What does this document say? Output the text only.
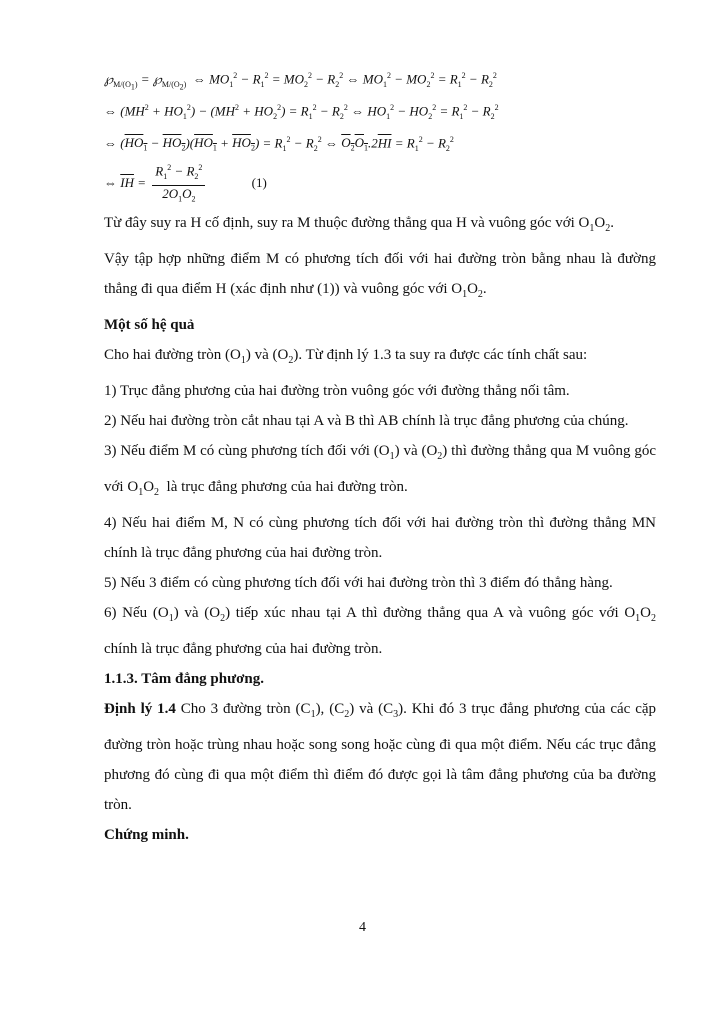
$℘_{M/(O_1)}$ = $℘_{M/(O_2)}$  ⇔ $MO_1^2 - R_1^2 = MO_2^2 - R_2^2$ ⇔ $MO_1^2 - MO_2^2 = R_1^2 - R_2^2$
⇔ $(MH^2 + HO_1^2) - (MH^2 + HO_2^2) = R_1^2 - R_2^2$ ⇔ $HO_1^2 - HO_2^2 = R_1^2 - R_2^2$
⇔ $(HO_1 - HO_2)(HO_1 + HO_2) = R_1^2 - R_2^2$ ⇔ $O_2O_1.2\overline{HI} = R_1^2 - R_2^2$
⇔ $\overline{IH} = \frac{R_1^2 - R_2^2}{2O_1O_2}$	(1)
Từ đây suy ra H cố định, suy ra M thuộc đường thẳng qua H và vuông góc với $O_1O_2$.
Vậy tập hợp những điểm M có phương tích đối với hai đường tròn bằng nhau là đường thẳng đi qua điểm H (xác định như (1)) và vuông góc với $O_1O_2$.
Một số hệ quả
Cho hai đường tròn $(O_1)$ và $(O_2)$. Từ định lý 1.3 ta suy ra được các tính chất sau:
1) Trục đẳng phương của hai đường tròn vuông góc với đường thẳng nối tâm.
2) Nếu hai đường tròn cắt nhau tại A và B thì AB chính là trục đẳng phương của chúng.
3) Nếu điểm M có cùng phương tích đối với $(O_1)$ và $(O_2)$ thì đường thẳng qua M vuông góc với $O_1O_2$  là trục đẳng phương của hai đường tròn.
4) Nếu hai điểm M, N có cùng phương tích đối với hai đường tròn thì đường thẳng MN chính là trục đẳng phương của hai đường tròn.
5) Nếu 3 điểm có cùng phương tích đối với hai đường tròn thì 3 điểm đó thẳng hàng.
6) Nếu $(O_1)$ và $(O_2)$ tiếp xúc nhau tại A thì đường thẳng qua A và vuông góc với $O_1O_2$ chính là trục đẳng phương của hai đường tròn.
1.1.3. Tâm đẳng phương.
Định lý 1.4 Cho 3 đường tròn $(C_1)$, $(C_2)$ và $(C_3)$. Khi đó 3 trục đẳng phương của các cặp đường tròn hoặc trùng nhau hoặc song song hoặc cùng đi qua một điểm. Nếu các trục đẳng phương đó cùng đi qua một điểm thì điểm đó được gọi là tâm đẳng phương của ba đường tròn.
Chứng minh.
4
